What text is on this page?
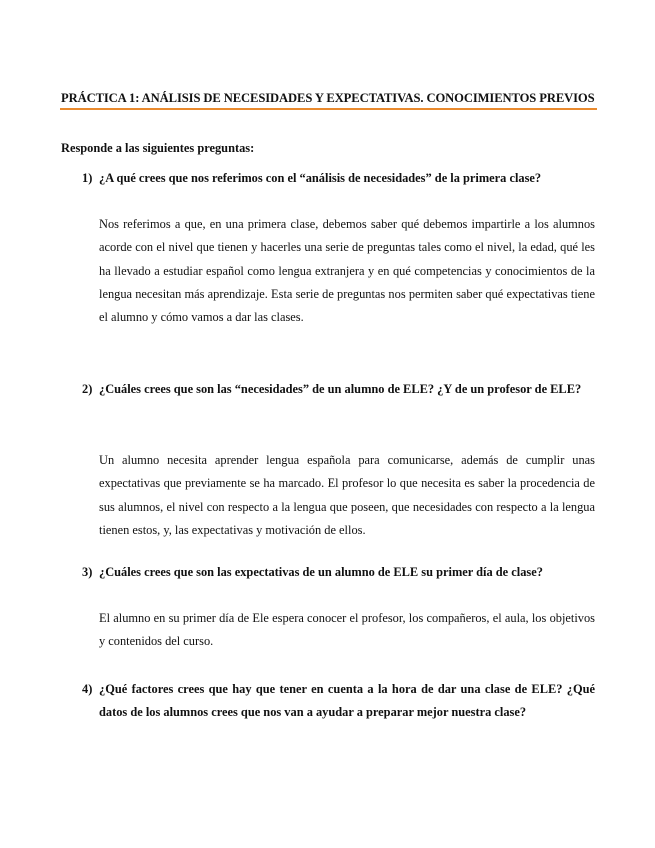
PRÁCTICA 1: ANÁLISIS DE NECESIDADES Y EXPECTATIVAS. CONOCIMIENTOS PREVIOS
Responde a las siguientes preguntas:
1) ¿A qué crees que nos referimos con el “análisis de necesidades” de la primera clase?
Nos referimos a que, en una primera clase, debemos saber qué debemos impartirle a los alumnos acorde con el nivel que tienen y hacerles una serie de preguntas tales como el nivel, la edad, qué les ha llevado a estudiar español como lengua extranjera y en qué competencias y conocimientos de la lengua necesitan más aprendizaje. Esta serie de preguntas nos permiten saber qué expectativas tiene el alumno y cómo vamos a dar las clases.
2) ¿Cuáles crees que son las “necesidades” de un alumno de ELE? ¿Y de un profesor de ELE?
Un alumno necesita aprender lengua española para comunicarse, además de cumplir unas expectativas que previamente se ha marcado. El profesor lo que necesita es saber la procedencia de sus alumnos, el nivel con respecto a la lengua que poseen, que necesidades con respecto a la lengua tienen estos, y, las expectativas y motivación de ellos.
3) ¿Cuáles crees que son las expectativas de un alumno de ELE su primer día de clase?
El alumno en su primer día de Ele espera conocer el profesor, los compañeros, el aula, los objetivos y contenidos del curso.
4) ¿Qué factores crees que hay que tener en cuenta a la hora de dar una clase de ELE? ¿Qué datos de los alumnos crees que nos van a ayudar a preparar mejor nuestra clase?
